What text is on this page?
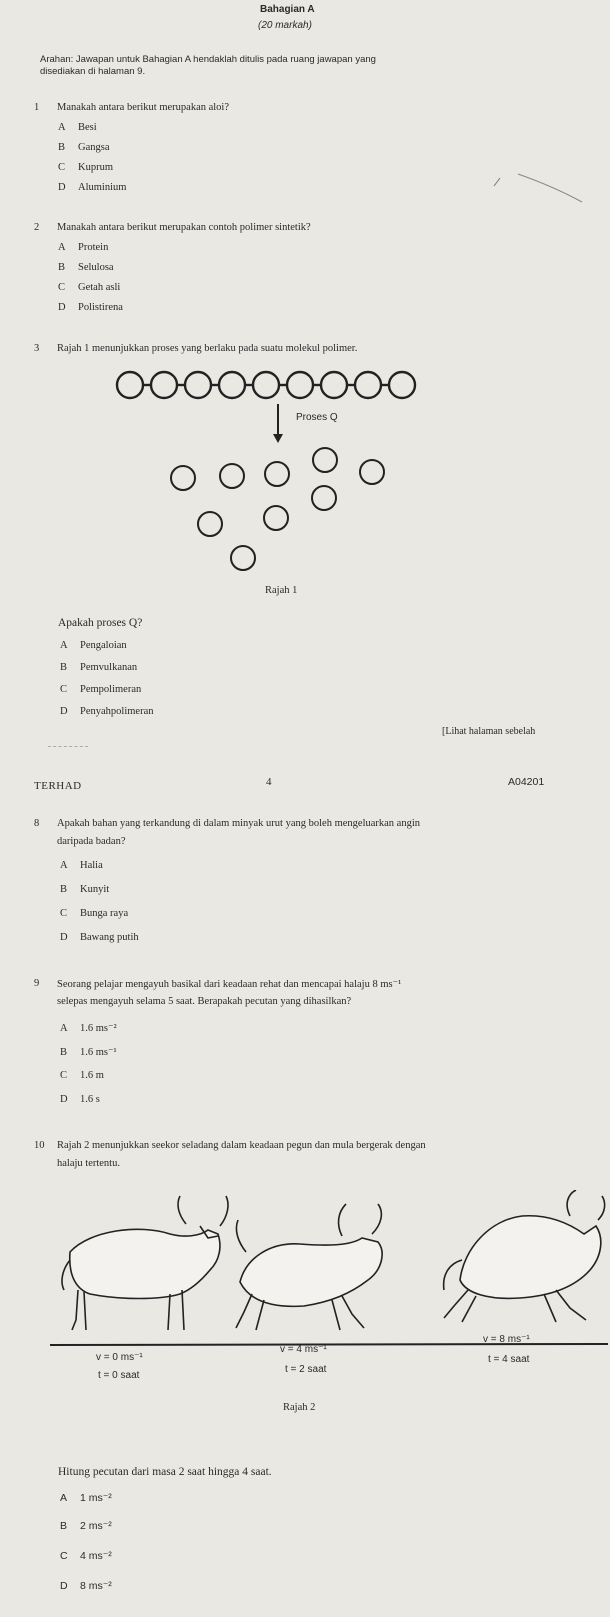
Bahagian A
(20 markah)
Arahan: Jawapan untuk Bahagian A hendaklah ditulis pada ruang jawapan yang
disediakan di halaman 9.
1 Manakah antara berikut merupakan aloi?
A Besi
B Gangsa
C Kuprum
D Aluminium
2 Manakah antara berikut merupakan contoh polimer sintetik?
A Protein
B Selulosa
C Getah asli
D Polistirena
3 Rajah 1 menunjukkan proses yang berlaku pada suatu molekul polimer.
Proses Q
Rajah 1
Apakah proses Q?
A Pengaloian
B Pemvulkanan
C Pempolimeran
D Penyahpolimeran
[Lihat halaman sebelah
TERHAD	4	A04201
8 Apakah bahan yang terkandung di dalam minyak urut yang boleh mengeluarkan angin
daripada badan?
A Halia
B Kunyit
C Bunga raya
D Bawang putih
9 Seorang pelajar mengayuh basikal dari keadaan rehat dan mencapai halaju 8 ms⁻¹
selepas mengayuh selama 5 saat. Berapakah pecutan yang dihasilkan?
A 1.6 ms⁻²
B 1.6 ms⁻¹
C 1.6 m
D 1.6 s
10 Rajah 2 menunjukkan seekor seladang dalam keadaan pegun dan mula bergerak dengan
halaju tertentu.
v = 0 ms⁻¹
t = 0 saat
v = 4 ms⁻¹
t = 2 saat
v = 8 ms⁻¹
t = 4 saat
Rajah 2
Hitung pecutan dari masa 2 saat hingga 4 saat.
A 1 ms⁻²
B 2 ms⁻²
C 4 ms⁻²
D 8 ms⁻²
